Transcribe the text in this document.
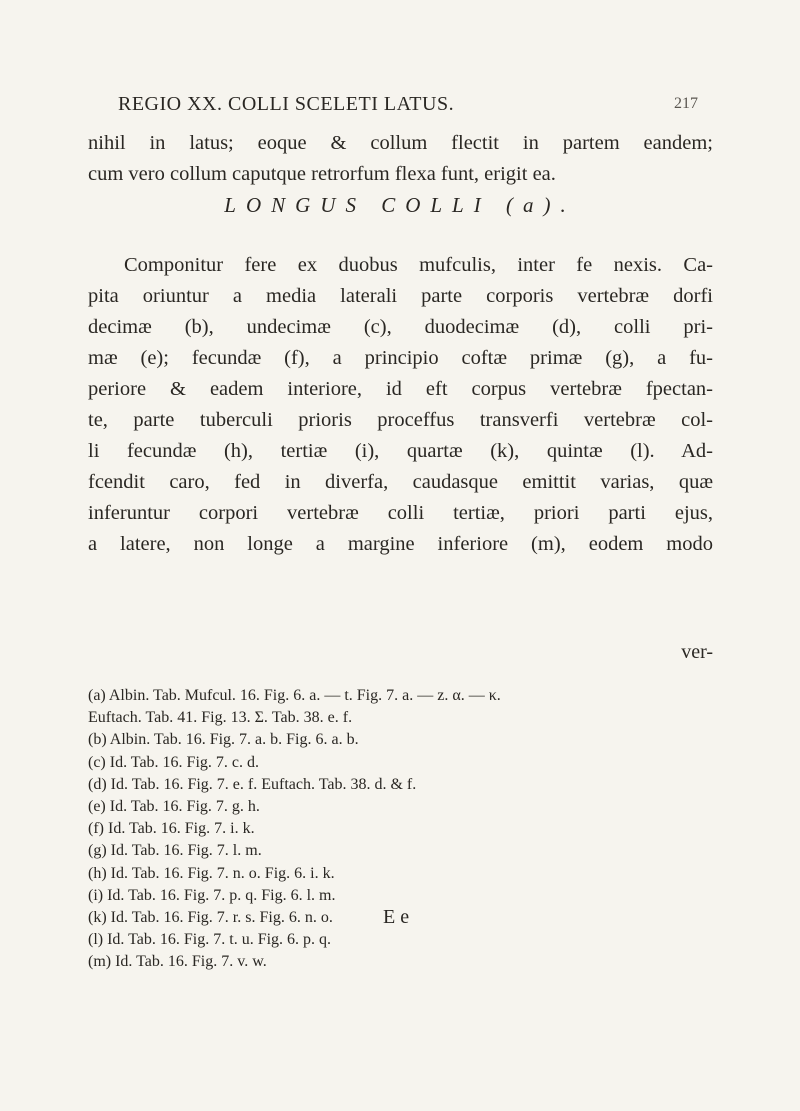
REGIO XX. COLLI SCELETI LATUS.	217
nihil in latus; eoque & collum flectit in partem eandem;
cum vero collum caputque retrorfum flexa funt, erigit ea.
LONGUS COLLI (a).
Componitur fere ex duobus mufculis, inter fe nexis. Ca-
pita oriuntur a media laterali parte corporis vertebræ dorfi
decimæ (b), undecimæ (c), duodecimæ (d), colli pri-
mæ (e); fecundæ (f), a principio coftæ primæ (g), a fu-
periore & eadem interiore, id eft corpus vertebræ fpectan-
te, parte tuberculi prioris proceffus transverfi vertebræ col-
li fecundæ (h), tertiæ (i), quartæ (k), quintæ (l). Ad-
fcendit caro, fed in diverfa, caudasque emittit varias, quæ
inferuntur corpori vertebræ colli tertiæ, priori parti ejus,
a latere, non longe a margine inferiore (m), eodem modo
ver-
(a) Albin. Tab. Mufcul. 16. Fig. 6. a. — t. Fig. 7. a. — z. α. — κ.
Euftach. Tab. 41. Fig. 13. Σ. Tab. 38. e. f.
(b) Albin. Tab. 16. Fig. 7. a. b. Fig. 6. a. b.
(c) Id. Tab. 16. Fig. 7. c. d.
(d) Id. Tab. 16. Fig. 7. e. f. Euftach. Tab. 38. d. & f.
(e) Id. Tab. 16. Fig. 7. g. h.
(f) Id. Tab. 16. Fig. 7. i. k.
(g) Id. Tab. 16. Fig. 7. l. m.
(h) Id. Tab. 16. Fig. 7. n. o. Fig. 6. i. k.
(i) Id. Tab. 16. Fig. 7. p. q. Fig. 6. l. m.
(k) Id. Tab. 16. Fig. 7. r. s. Fig. 6. n. o.
(l) Id. Tab. 16. Fig. 7. t. u. Fig. 6. p. q.
(m) Id. Tab. 16. Fig. 7. v. w.
E e
